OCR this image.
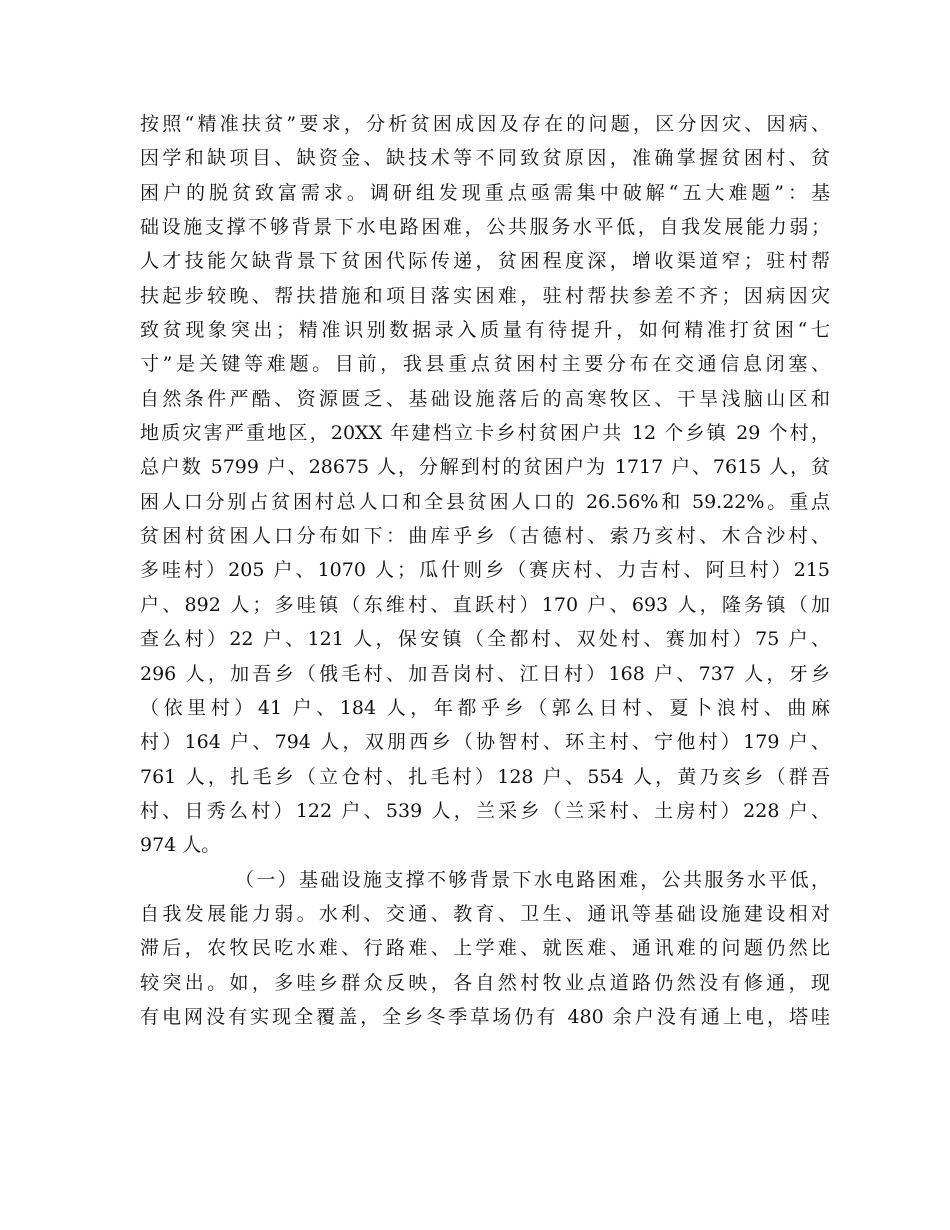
按照“精准扶贫”要求，分析贫困成因及存在的问题，区分因灾、因病、
因学和缺项目、缺资金、缺技术等不同致贫原因，准确掌握贫困村、贫
困户的脱贫致富需求。调研组发现重点亟需集中破解“五大难题”：基
础设施支撑不够背景下水电路困难，公共服务水平低，自我发展能力弱；
人才技能欠缺背景下贫困代际传递，贫困程度深，增收渠道窄；驻村帮
扶起步较晚、帮扶措施和项目落实困难，驻村帮扶参差不齐；因病因灾
致贫现象突出；精准识别数据录入质量有待提升，如何精准打贫困“七
寸”是关键等难题。目前，我县重点贫困村主要分布在交通信息闭塞、
自然条件严酷、资源匮乏、基础设施落后的高寒牧区、干旱浅脑山区和
地质灾害严重地区，20XX 年建档立卡乡村贫困户共 12 个乡镇 29 个村，
总户数 5799 户、28675 人，分解到村的贫困户为 1717 户、7615 人，贫
困人口分别占贫困村总人口和全县贫困人口的 26.56%和 59.22%。重点
贫困村贫困人口分布如下：曲库乎乡（古德村、索乃亥村、木合沙村、
多哇村）205 户、1070 人；瓜什则乡（赛庆村、力吉村、阿旦村）215
户、892 人；多哇镇（东维村、直跃村）170 户、693 人，隆务镇（加
查么村）22 户、121 人，保安镇（全都村、双处村、赛加村）75 户、
296 人，加吾乡（俄毛村、加吾岗村、江日村）168 户、737 人，牙乡
（依里村）41 户、184 人，年都乎乡（郭么日村、夏卜浪村、曲麻
村）164 户、794 人，双朋西乡（协智村、环主村、宁他村）179 户、
761 人，扎毛乡（立仓村、扎毛村）128 户、554 人，黄乃亥乡（群吾
村、日秀么村）122 户、539 人，兰采乡（兰采村、土房村）228 户、
974 人。
（一）基础设施支撑不够背景下水电路困难，公共服务水平低，
自我发展能力弱。水利、交通、教育、卫生、通讯等基础设施建设相对
滞后，农牧民吃水难、行路难、上学难、就医难、通讯难的问题仍然比
较突出。如，多哇乡群众反映，各自然村牧业点道路仍然没有修通，现
有电网没有实现全覆盖，全乡冬季草场仍有 480 余户没有通上电，塔哇
